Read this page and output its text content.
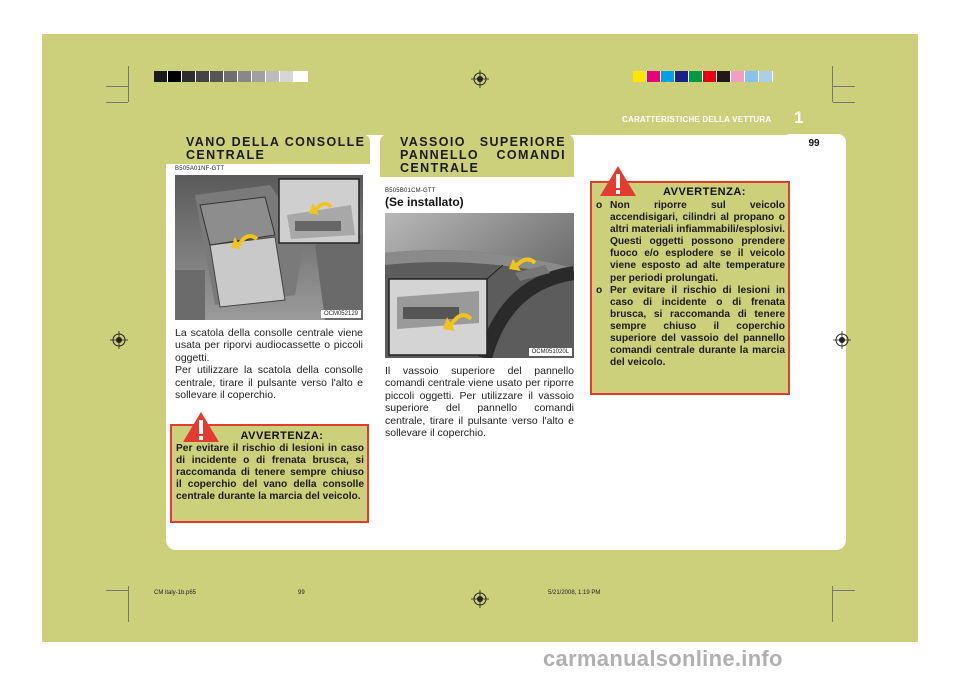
CARATTERISTICHE DELLA VETTURA 1
99
VANO DELLA CONSOLLE
CENTRALE
B505A01NF-GTT
OCM052129
La scatola della consolle centrale viene usata per riporvi audiocassette o piccoli oggetti.
Per utilizzare la scatola della consolle centrale, tirare il pulsante verso l'alto e sollevare il coperchio.
AVVERTENZA:
Per evitare il rischio di lesioni in caso di incidente o di frenata brusca, si raccomanda di tenere sempre chiuso il coperchio del vano della consolle centrale durante la marcia del veicolo.
VASSOIO SUPERIORE
PANNELLO COMANDI
CENTRALE
B505B01CM-GTT
(Se installato)
OCM051020L
Il vassoio superiore del pannello comandi centrale viene usato per riporre piccoli oggetti. Per utilizzare il vassoio superiore del pannello comandi centrale, tirare il pulsante verso l'alto e sollevare il coperchio.
AVVERTENZA:
o Non riporre sul veicolo accendisigari, cilindri al propano o altri materiali infiammabili/esplosivi. Questi oggetti possono prendere fuoco e/o esplodere se il veicolo viene esposto ad alte temperature per periodi prolungati.
o Per evitare il rischio di lesioni in caso di incidente o di frenata brusca, si raccomanda di tenere sempre chiuso il coperchio superiore del vassoio del pannello comandi centrale durante la marcia del veicolo.
CM italy-1b.p65	99	5/21/2008, 1:19 PM
carmanualsonline.info
